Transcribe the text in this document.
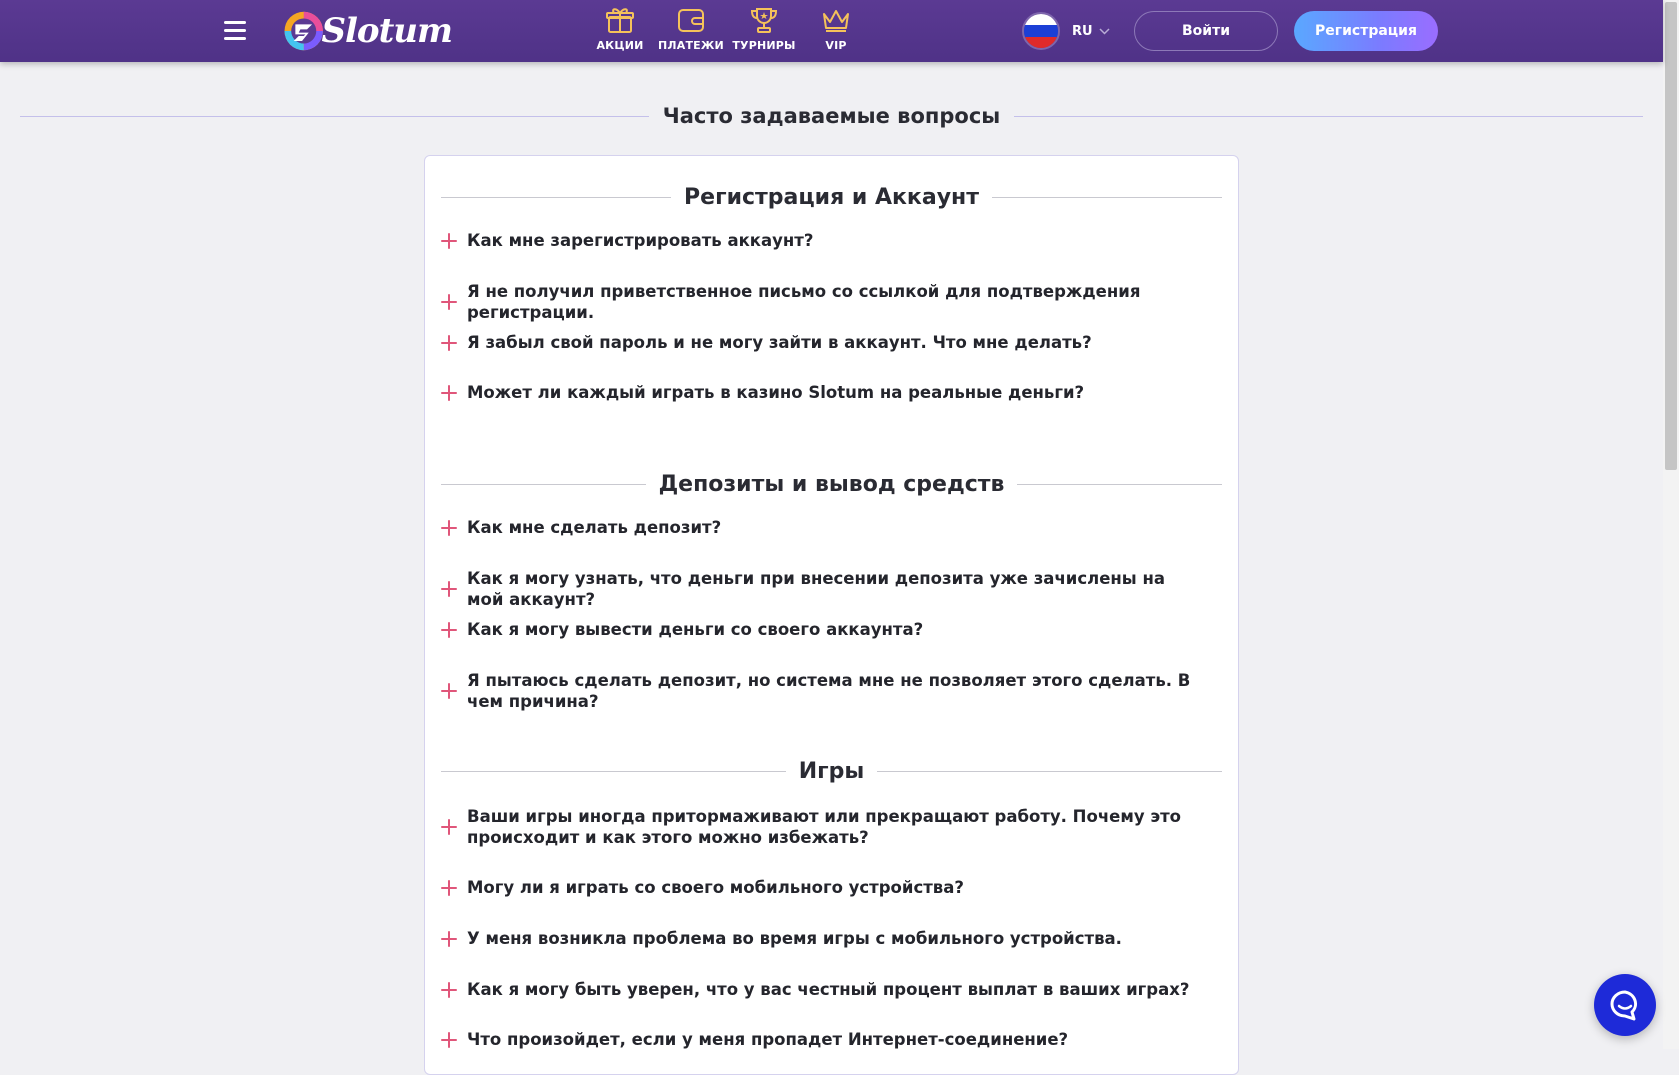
Slotum	АКЦИИ ПЛАТЕЖИ ТУРНИРЫ	VIP
RU	Войти	Регистрация
Часто задаваемые вопросы
Регистрация и Аккаунт
Как мне зарегистрировать аккаунт?
Я не получил приветственное письмо со ссылкой для подтверждения регистрации.
Я забыл свой пароль и не могу зайти в аккаунт. Что мне делать?
Может ли каждый играть в казино Slotum на реальные деньги?
Депозиты и вывод средств
Как мне сделать депозит?
Как я могу узнать, что деньги при внесении депозита уже зачислены на мой аккаунт?
Как я могу вывести деньги со своего аккаунта?
Я пытаюсь сделать депозит, но система мне не позволяет этого сделать. В чем причина?
Игры
Ваши игры иногда притормаживают или прекращают работу. Почему это происходит и как этого можно избежать?
Могу ли я играть со своего мобильного устройства?
У меня возникла проблема во время игры с мобильного устройства.
Как я могу быть уверен, что у вас честный процент выплат в ваших играх?
Что произойдет, если у меня пропадет Интернет-соединение?
